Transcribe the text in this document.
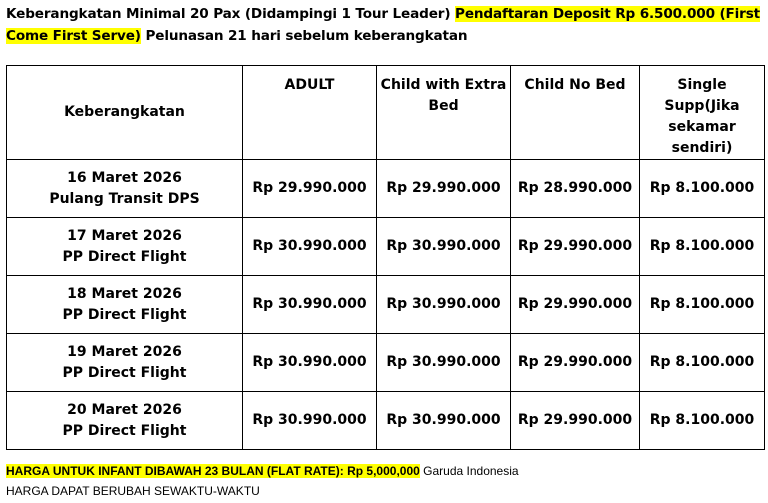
Keberangkatan Minimal 20 Pax (Didampingi 1 Tour Leader) Pendaftaran Deposit Rp 6.500.000 (First Come First Serve) Pelunasan 21 hari sebelum keberangkatan
Keberangkatan	ADULT	Child with Extra Bed	Child No Bed	Single Supp(Jika sekamar sendiri)

16 Maret 2026
Pulang Transit DPS	Rp 29.990.000	Rp 29.990.000	Rp 28.990.000	Rp 8.100.000

17 Maret 2026
PP Direct Flight	Rp 30.990.000	Rp 30.990.000	Rp 29.990.000	Rp 8.100.000

18 Maret 2026
PP Direct Flight	Rp 30.990.000	Rp 30.990.000	Rp 29.990.000	Rp 8.100.000

19 Maret 2026
PP Direct Flight	Rp 30.990.000	Rp 30.990.000	Rp 29.990.000	Rp 8.100.000

20 Maret 2026
PP Direct Flight	Rp 30.990.000	Rp 30.990.000	Rp 29.990.000	Rp 8.100.000
HARGA UNTUK INFANT DIBAWAH 23 BULAN (FLAT RATE): Rp 5,000,000 Garuda Indonesia
HARGA DAPAT BERUBAH SEWAKTU-WAKTU
